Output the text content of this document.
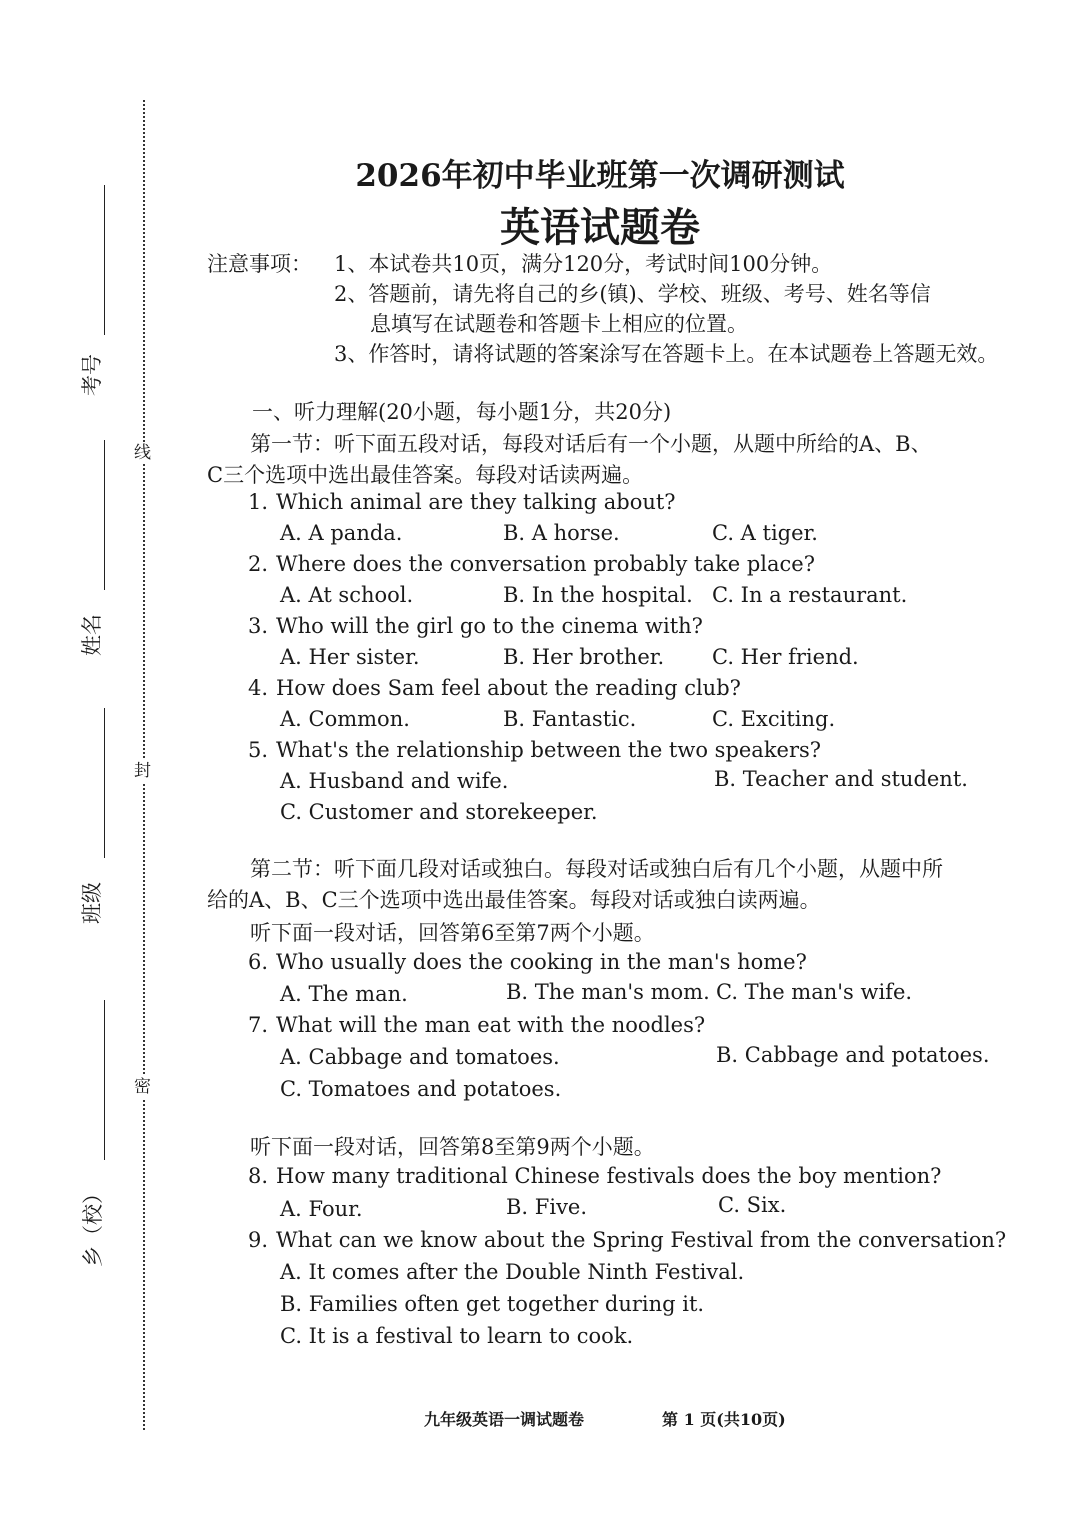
线
封
密
考号
姓名
班级
乡（校）
2026年初中毕业班第一次调研测试
英语试题卷
注意事项： 1、本试卷共10页，满分120分，考试时间100分钟。
2、答题前，请先将自己的乡(镇)、学校、班级、考号、姓名等信
息填写在试题卷和答题卡上相应的位置。
3、作答时，请将试题的答案涂写在答题卡上。在本试题卷上答题无效。
一、听力理解(20小题，每小题1分，共20分)
第一节：听下面五段对话，每段对话后有一个小题，从题中所给的A、B、
C三个选项中选出最佳答案。每段对话读两遍。
1. Which animal are they talking about?
A. A panda.	B. A horse.	C. A tiger.
2. Where does the conversation probably take place?
A. At school.	B. In the hospital. C. In a restaurant.
3. Who will the girl go to the cinema with?
A. Her sister.	B. Her brother. C. Her friend.
4. How does Sam feel about the reading club?
A. Common.	B. Fantastic.	C. Exciting.
5. What's the relationship between the two speakers?
A. Husband and wife.	B. Teacher and student.
C. Customer and storekeeper.
第二节：听下面几段对话或独白。每段对话或独白后有几个小题，从题中所
给的A、B、C三个选项中选出最佳答案。每段对话或独白读两遍。
听下面一段对话，回答第6至第7两个小题。
6. Who usually does the cooking in the man's home?
A. The man.	B. The man's mom. C. The man's wife.
7. What will the man eat with the noodles?
A. Cabbage and tomatoes.	B. Cabbage and potatoes.
C. Tomatoes and potatoes.
听下面一段对话，回答第8至第9两个小题。
8. How many traditional Chinese festivals does the boy mention?
A. Four.	B. Five.	C. Six.
9. What can we know about the Spring Festival from the conversation?
A. It comes after the Double Ninth Festival.
B. Families often get together during it.
C. It is a festival to learn to cook.
九年级英语一调试题卷	第 1 页(共10页)
